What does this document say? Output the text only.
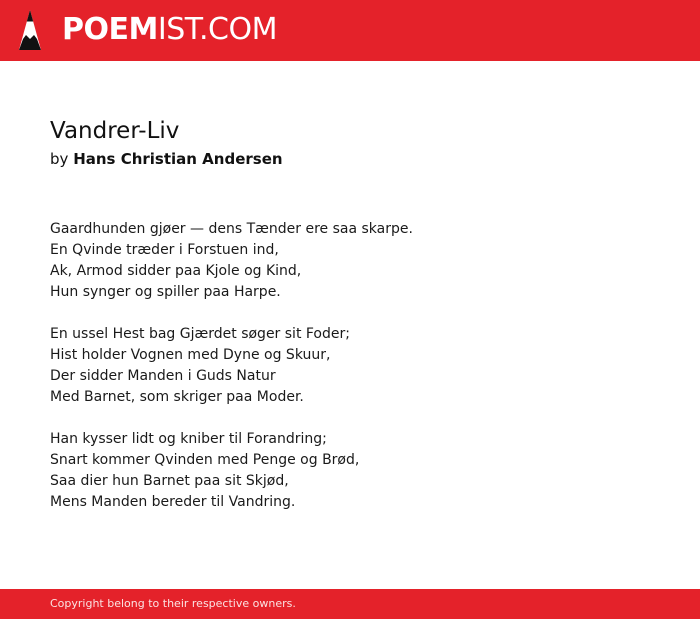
POEMIST.COM
Vandrer-Liv
by Hans Christian Andersen
Gaardhunden gjøer — dens Tænder ere saa skarpe.
En Qvinde træder i Forstuen ind,
Ak, Armod sidder paa Kjole og Kind,
Hun synger og spiller paa Harpe.
En ussel Hest bag Gjærdet søger sit Foder;
Hist holder Vognen med Dyne og Skuur,
Der sidder Manden i Guds Natur
Med Barnet, som skriger paa Moder.
Han kysser lidt og kniber til Forandring;
Snart kommer Qvinden med Penge og Brød,
Saa dier hun Barnet paa sit Skjød,
Mens Manden bereder til Vandring.
Copyright belong to their respective owners.
